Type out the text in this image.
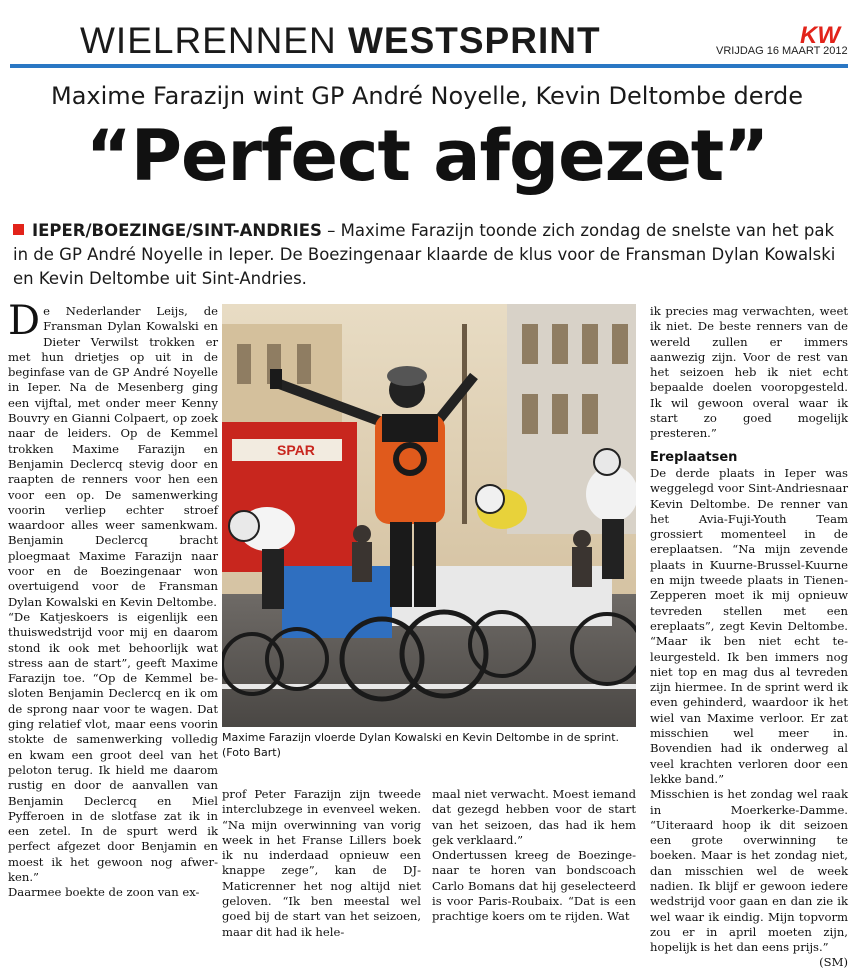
WIELRENNEN WESTSPRINT	KW
VRIJDAG 16 MAART 2012
Maxime Farazijn wint GP André Noyelle, Kevin Deltombe derde
“Perfect afgezet”
IEPER/BOEZINGE/SINT-ANDRIES – Maxime Farazijn toonde zich zondag de snelste van het pak in de GP André Noyelle in Ieper. De Boezingenaar klaarde de klus voor de Fransman Dylan Kowalski en Kevin Deltombe uit Sint-Andries.

De Nederlander Leijs, de Fransman Dylan Kowalski en Dieter Verwilst trokken er met hun drietjes op uit in de beginfase van de GP André Noyelle in Ieper. Na de Mesenberg ging een vijftal, met onder meer Kenny Bouvry en Gianni Colpaert, op zoek naar de leiders. Op de Kemmel trokken Maxime Farazijn en Benjamin Declercq stevig door en raapten de renners voor hen een voor een op. De samenwerking voorin verliep echter stroef waardoor alles weer samenkwam. Benjamin Declercq bracht ploegmaat Maxime Farazijn naar voor en de Boezingenaar won overtuigend voor de Fransman Dylan Kowalski en Kevin Deltombe.

“De Katjeskoers is eigenlijk een thuiswedstrijd voor mij en daarom stond ik ook met behoorlijk wat stress aan de start”, geeft Maxime Farazijn toe. “Op de Kemmel besloten Benjamin Declercq en ik om de sprong naar voor te wagen. Dat ging relatief vlot, maar eens voorin stokte de samenwerking volledig en kwam een groot deel van het peloton terug. Ik hield me daarom rustig en door de aanvallen van Benjamin Declercq en Miel Pyfferoen in de slotfase zat ik in een zetel. In de spurt werd ik perfect afgezet door Benjamin en moest ik het gewoon nog afwerken.”

Daarmee boekte de zoon van ex-

SPAR
Maxime Farazijn vloerde Dylan Kowalski en Kevin Deltombe in de sprint. (Foto Bart)

prof Peter Farazijn zijn tweede interclubzege in evenveel weken. “Na mijn overwinning van vorig week in het Franse Lillers boek ik nu inderdaad opnieuw een knappe zege”, kan de DJ-Maticrenner het nog altijd niet geloven. “Ik ben meestal wel goed bij de start van het seizoen, maar dit had ik hele-

maal niet verwacht. Moest iemand dat gezegd hebben voor de start van het seizoen, das had ik hem gek verklaard.”

Ondertussen kreeg de Boezingenaar te horen van bondscoach Carlo Bomans dat hij geselecteerd is voor Paris-Roubaix. “Dat is een prachtige koers om te rijden. Wat

ik precies mag verwachten, weet ik niet. De beste renners van de wereld zullen er immers aanwezig zijn. Voor de rest van het seizoen heb ik niet echt bepaalde doelen vooropgesteld. Ik wil gewoon overal waar ik start zo goed mogelijk presteren.”

Ereplaatsen

De derde plaats in Ieper was weggelegd voor Sint-Andriesnaar Kevin Deltombe. De renner van het Avia-Fuji-Youth Team grossiert momenteel in de ereplaatsen. “Na mijn zevende plaats in Kuurne-Brussel-Kuurne en mijn tweede plaats in Tienen-Zepperen moet ik mij opnieuw tevreden stellen met een ereplaats”, zegt Kevin Deltombe. “Maar ik ben niet echt teleurgesteld. Ik ben immers nog niet top en mag dus al tevreden zijn hiermee. In de sprint werd ik even gehinderd, waardoor ik het wiel van Maxime verloor. Er zat misschien wel meer in. Bovendien had ik onderweg al veel krachten verloren door een lekke band.”

Misschien is het zondag wel raak in Moerkerke-Damme. “Uiteraard hoop ik dit seizoen een grote overwinning te boeken. Maar is het zondag niet, dan misschien wel de week nadien. Ik blijf er gewoon iedere wedstrijd voor gaan en dan zie ik wel waar ik eindig. Mijn topvorm zou er in april moeten zijn, hopelijk is het dan eens prijs.”
(SM)
